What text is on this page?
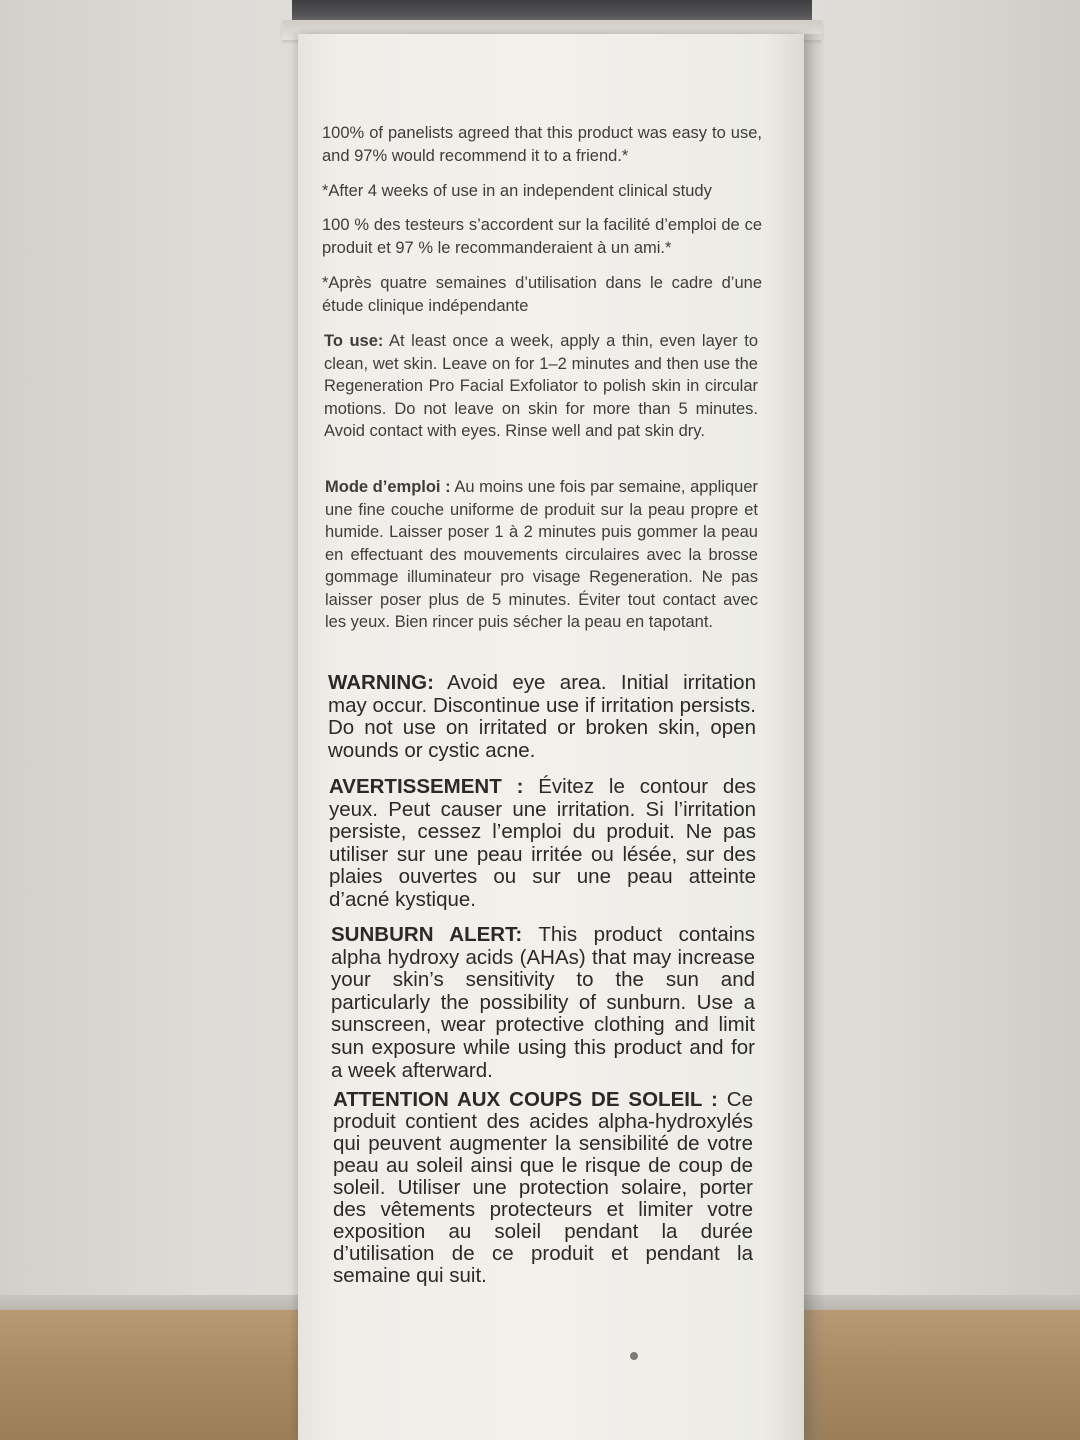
100% of panelists agreed that this product was easy to use, and 97% would recommend it to a friend.*

*After 4 weeks of use in an independent clinical study

100 % des testeurs s’accordent sur la facilité d’emploi de ce produit et 97 % le recommanderaient à un ami.*

*Après quatre semaines d’utilisation dans le cadre d’une étude clinique indépendante

To use: At least once a week, apply a thin, even layer to clean, wet skin. Leave on for 1–2 minutes and then use the Regeneration Pro Facial Exfoliator to polish skin in circular motions. Do not leave on skin for more than 5 minutes. Avoid contact with eyes. Rinse well and pat skin dry.

Mode d’emploi : Au moins une fois par semaine, appliquer une fine couche uniforme de produit sur la peau propre et humide. Laisser poser 1 à 2 minutes puis gommer la peau en effectuant des mouvements circulaires avec la brosse gommage illuminateur pro visage Regeneration. Ne pas laisser poser plus de 5 minutes. Éviter tout contact avec les yeux. Bien rincer puis sécher la peau en tapotant.

WARNING: Avoid eye area. Initial irritation may occur. Discontinue use if irritation persists. Do not use on irritated or broken skin, open wounds or cystic acne.

AVERTISSEMENT : Évitez le contour des yeux. Peut causer une irritation. Si l’irritation persiste, cessez l’emploi du produit. Ne pas utiliser sur une peau irritée ou lésée, sur des plaies ouvertes ou sur une peau atteinte d’acné kystique.

SUNBURN ALERT: This product contains alpha hydroxy acids (AHAs) that may increase your skin’s sensitivity to the sun and particularly the possibility of sunburn. Use a sunscreen, wear protective clothing and limit sun exposure while using this product and for a week afterward.

ATTENTION AUX COUPS DE SOLEIL : Ce produit contient des acides alpha-hydroxylés qui peuvent augmenter la sensibilité de votre peau au soleil ainsi que le risque de coup de soleil. Utiliser une protection solaire, porter des vêtements protecteurs et limiter votre exposition au soleil pendant la durée d’utilisation de ce produit et pendant la semaine qui suit.
